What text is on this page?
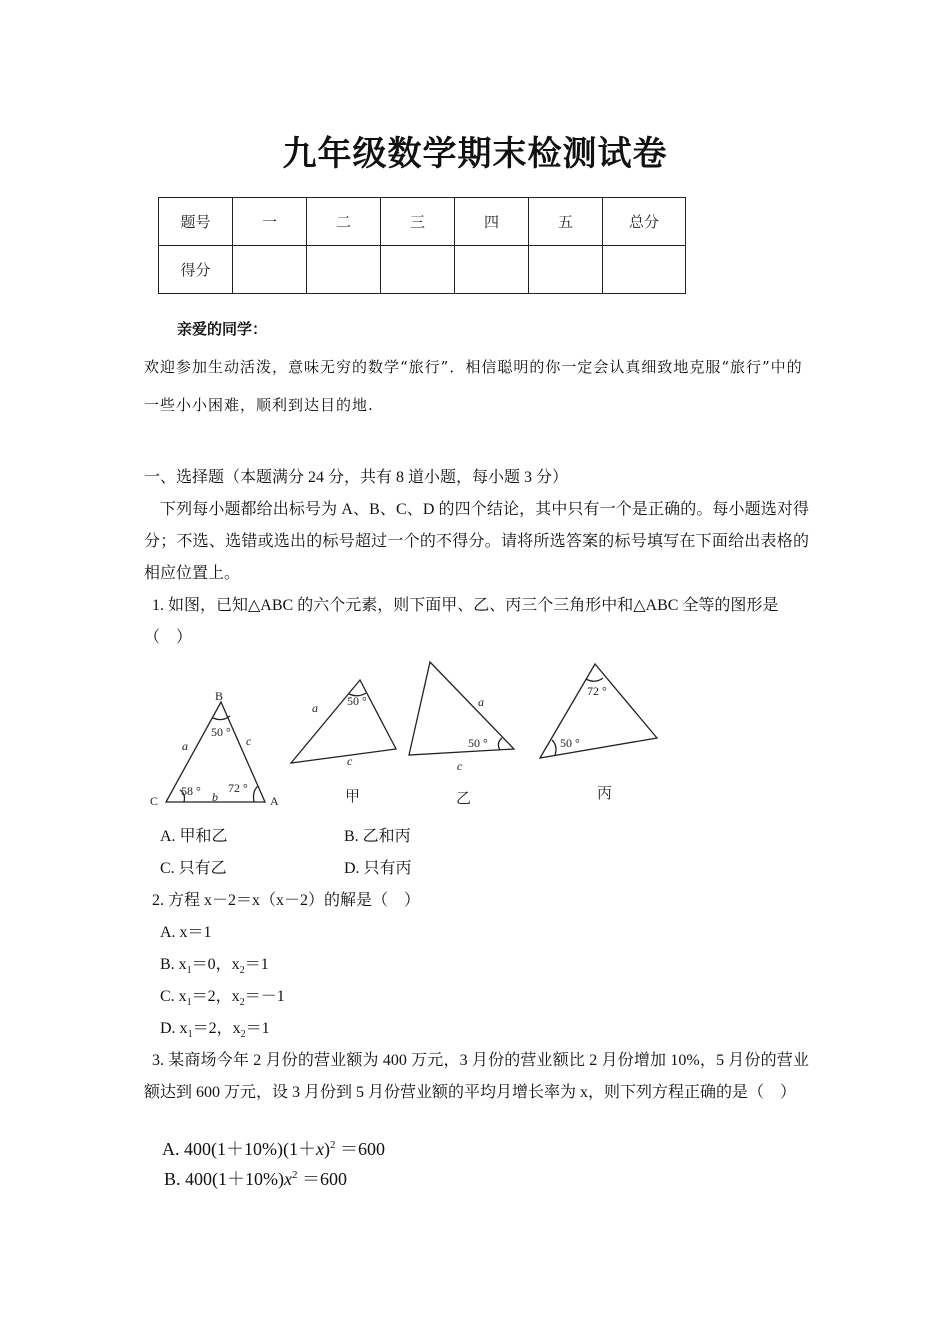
九年级数学期末检测试卷
题号	一	二	三	四	五	总分
得分						
亲爱的同学：
欢迎参加生动活泼，意味无穷的数学“旅行”．相信聪明的你一定会认真细致地克服“旅行”中的一些小小困难，顺利到达目的地.
一、选择题（本题满分 24 分，共有 8 道小题，每小题 3 分）
下列每小题都给出标号为 A、B、C、D 的四个结论，其中只有一个是正确的。每小题选对得分；不选、选错或选出的标号超过一个的不得分。请将所选答案的标号填写在下面给出表格的相应位置上。
1. 如图，已知△ABC 的六个元素，则下面甲、乙、丙三个三角形中和△ABC 全等的图形是（　）
B
C	A
a	c
b
50 °
58 ° 72 °
a
c
50 °	a
c
50 °
72 °
50 °
甲	乙	丙
A. 甲和乙	B. 乙和丙
C. 只有乙	D. 只有丙
2. 方程 x－2＝x（x－2）的解是（　）
A. x＝1
B. $x_1=0$，$x_2=1$
C. $x_1=2$，$x_2=-1$
D. $x_1=2$，$x_2=1$
3. 某商场今年 2 月份的营业额为 400 万元，3 月份的营业额比 2 月份增加 10%，5 月份的营业额达到 600 万元，设 3 月份到 5 月份营业额的平均月增长率为 x，则下列方程正确的是（　）
A. $400(1+10\%)(1+x)^2 =600$
B. $400(1+10\%)x^2 =600$
